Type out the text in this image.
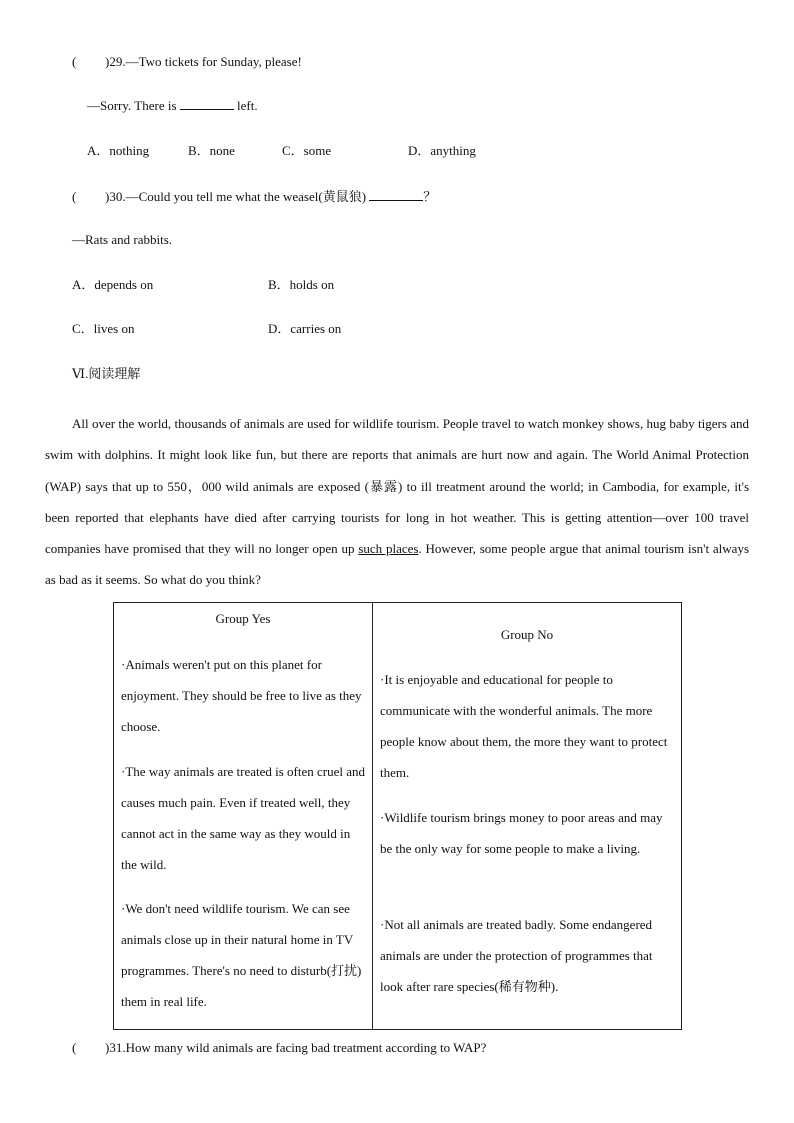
( )29.—Two tickets for Sunday, please!
—Sorry. There is	left.
A．nothing	B．none	C．some	D．anything
( )30.—Could you tell me what the weasel(黄鼠狼)	？
—Rats and rabbits.
A．depends on	B．holds on
C．lives on	D．carries on
Ⅵ.阅读理解

All over the world, thousands of animals are used for wildlife tourism. People travel to watch monkey shows, hug baby tigers and swim with dolphins. It might look like fun, but there are reports that animals are hurt now and again. The World Animal Protection (WAP) says that up to 550，000 wild animals are exposed (暴露) to ill treatment around the world; in Cambodia, for example, it's been reported that elephants have died after carrying tourists for long in hot weather. This is getting attention—over 100 travel companies have promised that they will no longer open up such places. However, some people argue that animal tourism isn't always as bad as it seems. So what do you think?

Group Yes

·Animals weren't put on this planet for enjoyment. They should be free to live as they choose.

·The way animals are treated is often cruel and causes much pain. Even if treated well, they cannot act in the same way as they would in the wild.

·We don't need wildlife tourism. We can see animals close up in their natural home in TV programmes. There's no need to disturb(打扰) them in real life.

Group No

·It is enjoyable and educational for people to communicate with the wonderful animals. The more people know about them, the more they want to protect them.

·Wildlife tourism brings money to poor areas and may be the only way for some people to make a living.

·Not all animals are treated badly. Some endangered animals are under the protection of programmes that look after rare species(稀有物种).

( )31.How many wild animals are facing bad treatment according to WAP?
